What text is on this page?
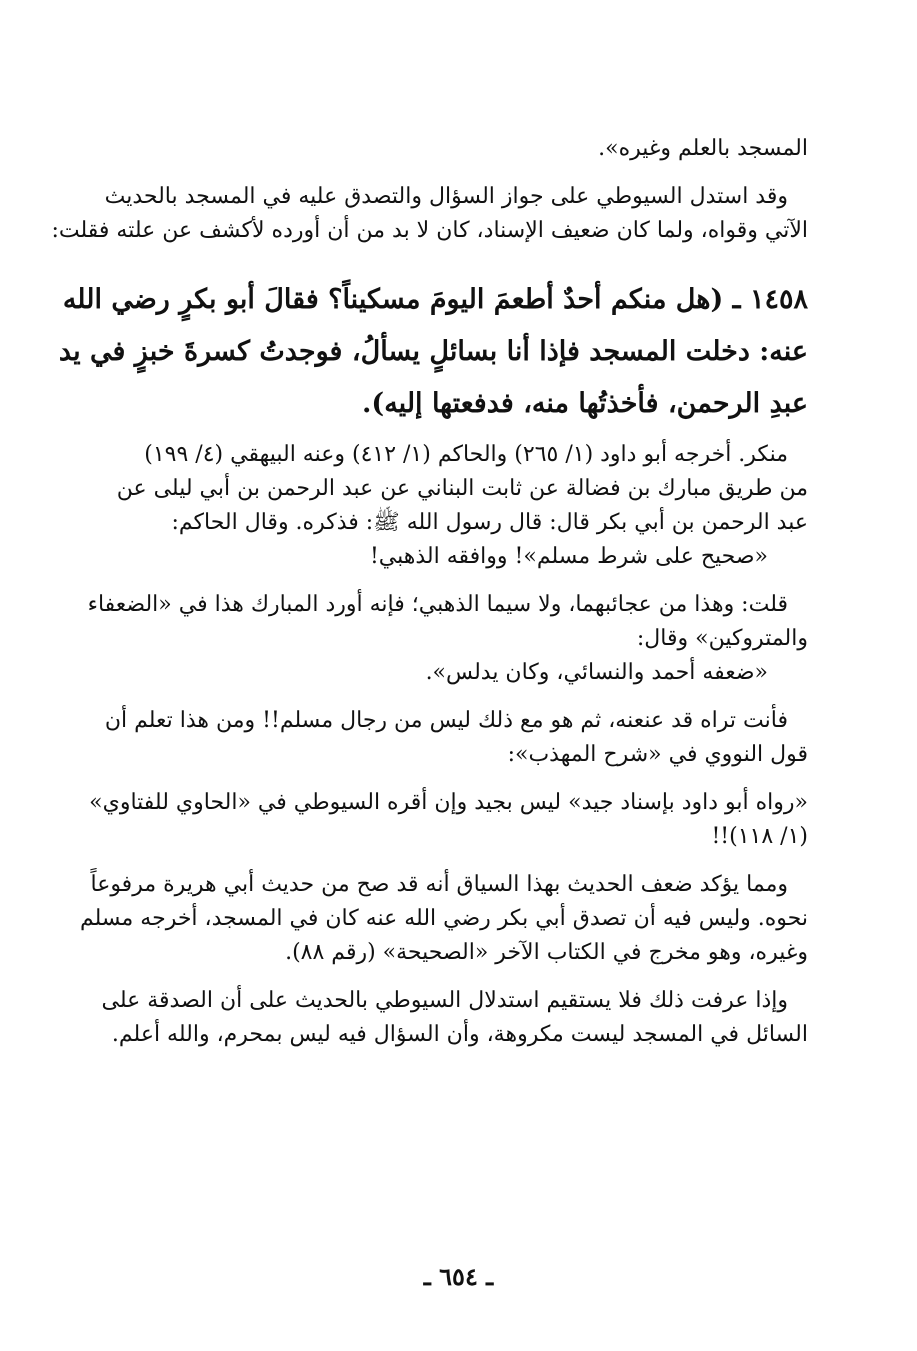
المسجد بالعلم وغيره».
وقد استدل السيوطي على جواز السؤال والتصدق عليه في المسجد بالحديث
الآتي وقواه، ولما كان ضعيف الإسناد، كان لا بد من أن أورده لأكشف عن علته فقلت:
١٤٥٨ ـ (هل منكم أحدٌ أطعمَ اليومَ مسكيناً؟ فقالَ أبو بكرٍ رضي الله
عنه: دخلت المسجد فإذا أنا بسائلٍ يسألُ، فوجدتُ كسرةَ خبزٍ في يد
عبدِ الرحمن، فأخذتُها منه، فدفعتها إليه).
منكر. أخرجه أبو داود (١/ ٢٦٥) والحاكم (١/ ٤١٢) وعنه البيهقي (٤/ ١٩٩)
من طريق مبارك بن فضالة عن ثابت البناني عن عبد الرحمن بن أبي ليلى عن
عبد الرحمن بن أبي بكر قال: قال رسول الله ﷺ: فذكره. وقال الحاكم:
«صحيح على شرط مسلم»! ووافقه الذهبي!
قلت: وهذا من عجائبهما، ولا سيما الذهبي؛ فإنه أورد المبارك هذا في «الضعفاء
والمتروكين» وقال:
«ضعفه أحمد والنسائي، وكان يدلس».
فأنت تراه قد عنعنه، ثم هو مع ذلك ليس من رجال مسلم!! ومن هذا تعلم أن
قول النووي في «شرح المهذب»:
«رواه أبو داود بإسناد جيد» ليس بجيد وإن أقره السيوطي في «الحاوي للفتاوي»
(١/ ١١٨)!!
ومما يؤكد ضعف الحديث بهذا السياق أنه قد صح من حديث أبي هريرة مرفوعاً
نحوه. وليس فيه أن تصدق أبي بكر رضي الله عنه كان في المسجد، أخرجه مسلم
وغيره، وهو مخرج في الكتاب الآخر «الصحيحة» (رقم ٨٨).
وإذا عرفت ذلك فلا يستقيم استدلال السيوطي بالحديث على أن الصدقة على
السائل في المسجد ليست مكروهة، وأن السؤال فيه ليس بمحرم، والله أعلم.
ـ ٦٥٤ ـ
